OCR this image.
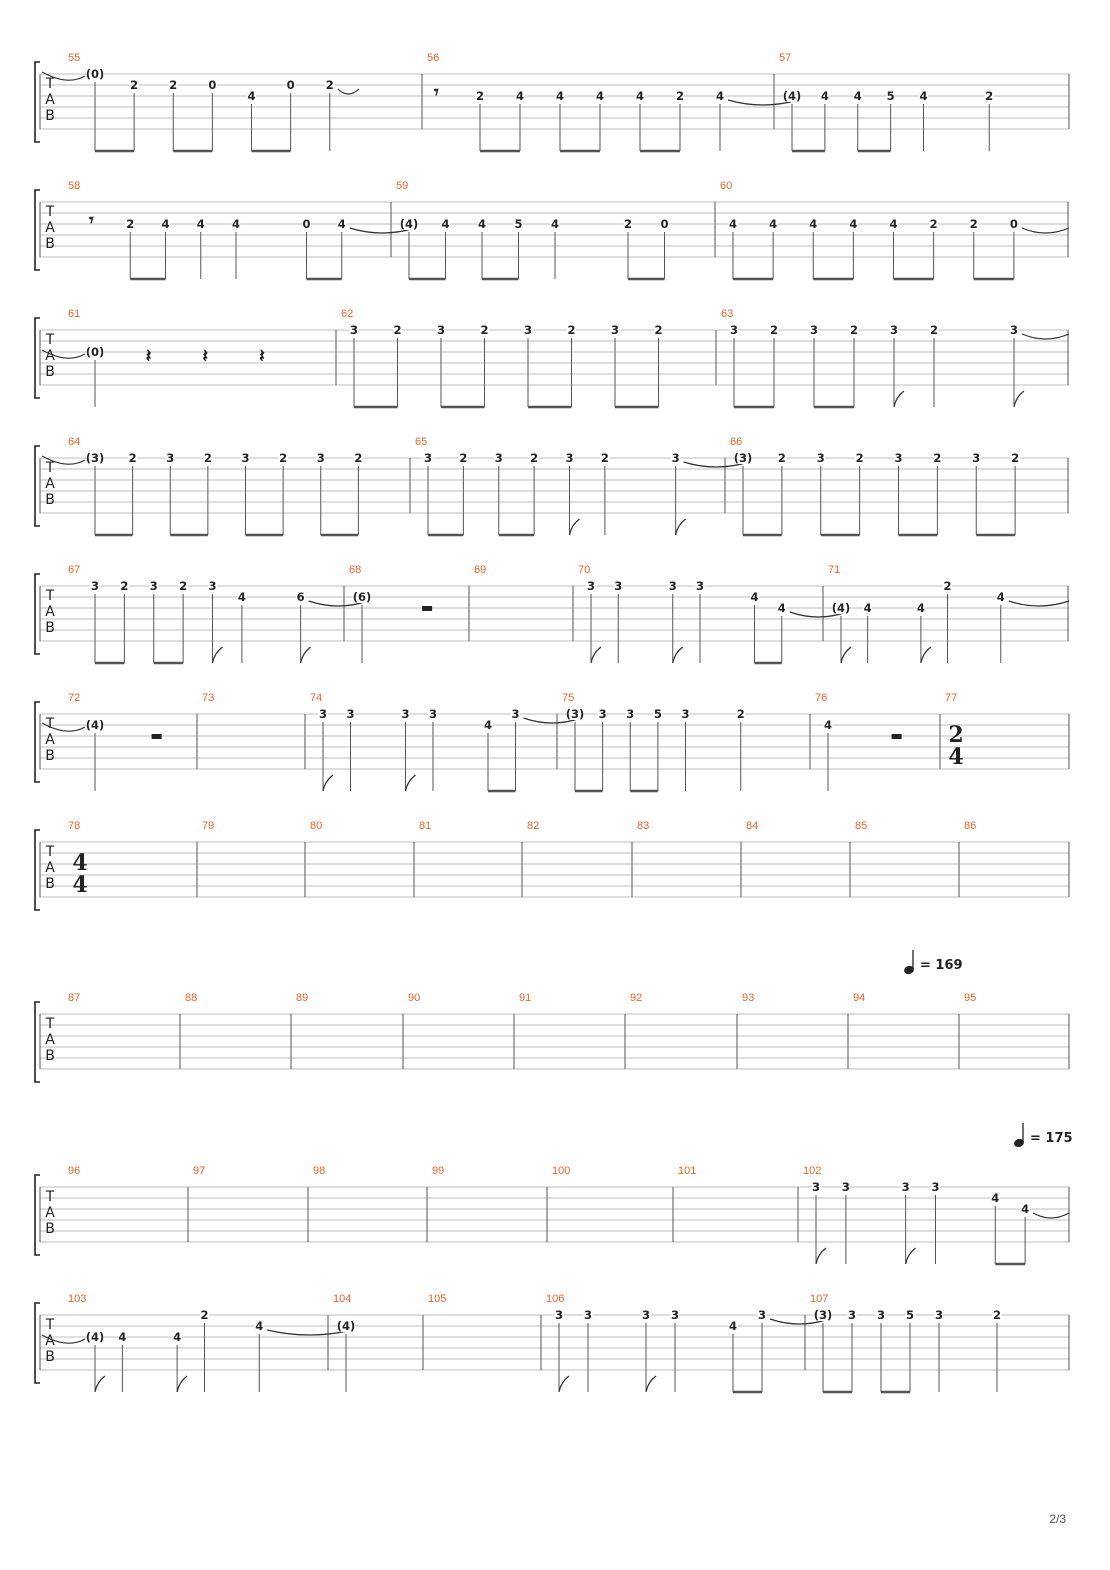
T
A
B
55
(0)
2	2	0
4
0	2
56
𝄾	2	4	4	4	4	2	4
57
(4) 4 4 5 4	2
T
A
B
58
𝄾	2 4 4 4	0 4
59
(4) 4 4 5 4	2 0
60
4	4	4	4	4	2	2	0
T
A
B
61
(0) 𝄽	𝄽	𝄽
62
3	2	3	2	3	2	3	2
63
3	2	3	2	3	2	3
T
A
B
64
(3) 2	3	2	3	2	3	2
65
3 2 3 2 3 2	3
66
(3) 2	3	2	3	2	3	2
T
A
B
67
3 2 3 2 3
4	6
68
(6)
69	70
3 3	3 3
4
4
71
(4) 4	4
2
4
T
A
B
72
(4)
73	74
3 3	3 3
4
3
75
(3) 3 3 5 3	2
76
4
77
2
4
T
A
B
78
4
4
79	80	81	82	83	84	85	86
T
A
B
87	88	89	90	91	92	93	94
= 169
95
T
A
B
96	97	98	99	100	101	102
3 3	3 3
4
4
= 175
T
A
B
103
(4) 4	4
2
4
104
(4)
105	106
3 3	3 3
4
3
107
(3) 3 3 5 3	2
2/3
